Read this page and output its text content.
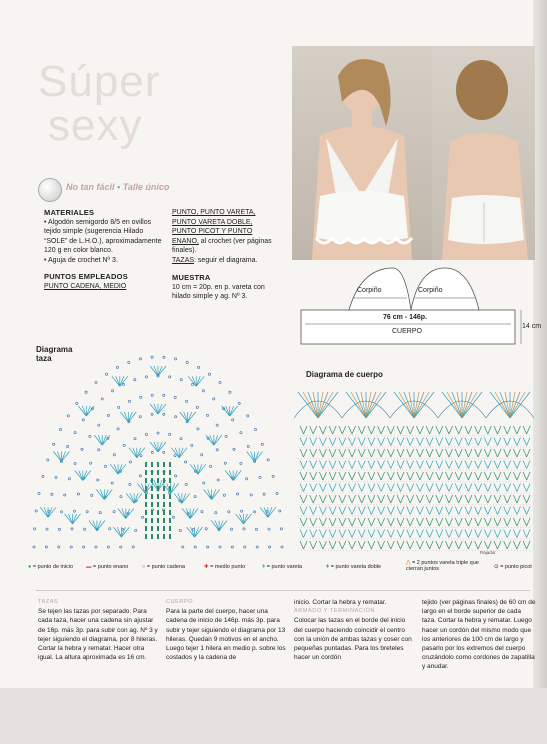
Súper
sexy
No tan fácil • Talle único
MATERIALES
• Algodón semigordo 8/5 en ovillos tejido simple (sugerencia Hilado “SOLE” de L.H.O.), aproximadamente 120 g en color blanco.
• Aguja de crochet Nº 3.
PUNTOS EMPLEADOS
PUNTO CADENA, MEDIO
PUNTO, PUNTO VARETA,
PUNTO VARETA DOBLE,
PUNTO PICOT Y PUNTO
ENANO, al crochet (ver páginas finales).
TAZAS: seguir el diagrama.
MUESTRA
10 cm = 20p. en p. vareta con hilado simple y ag. Nº 3.
Corpiño	Corpiño
76 cm - 146p.
CUERPO
14 cm
Diagrama
taza
Diagrama de cuerpo
Rajador
● = punto de inicio ▬ = punto enano ○ = punto cadena	✚ = medio punto	ǂ = punto vareta	ǂ = punto vareta doble
⋀ = 2 puntos vareta triple que cierran juntos	⊙ = punto picot
TAZAS
Se tejen las tazas por separado. Para cada taza, hacer una cadena sin ajustar de 16p. más 3p. para subir con ag. Nº 3 y tejer siguiendo el diagrama, por 8 hileras. Cortar la hebra y rematar. Hacer otra igual. La altura aproximada es 16 cm.
CUERPO
Para la parte del cuerpo, hacer una cadena de inicio de 146p. más 3p. para subir y tejer siguiendo el diagrama por 13 hileras. Quedan 9 motivos en el ancho. Luego tejer 1 hilera en medio p. sobre los costados y la cadena de
inicio. Cortar la hebra y rematar.
ARMADO Y TERMINACIÓN
Colocar las tazas en el borde del inicio del cuerpo haciendo coincidir el centro con la unión de ambas tazas y coser con pequeñas puntadas. Para los breteles hacer un cordón
tejido (ver páginas finales) de 60 cm de largo en el borde superior de cada taza. Cortar la hebra y rematar. Luego hacer un cordón del mismo modo que los anteriores de 100 cm de largo y pasarlo por los extremos del cuerpo cruzándolo como cordones de zapatilla y anudar.
